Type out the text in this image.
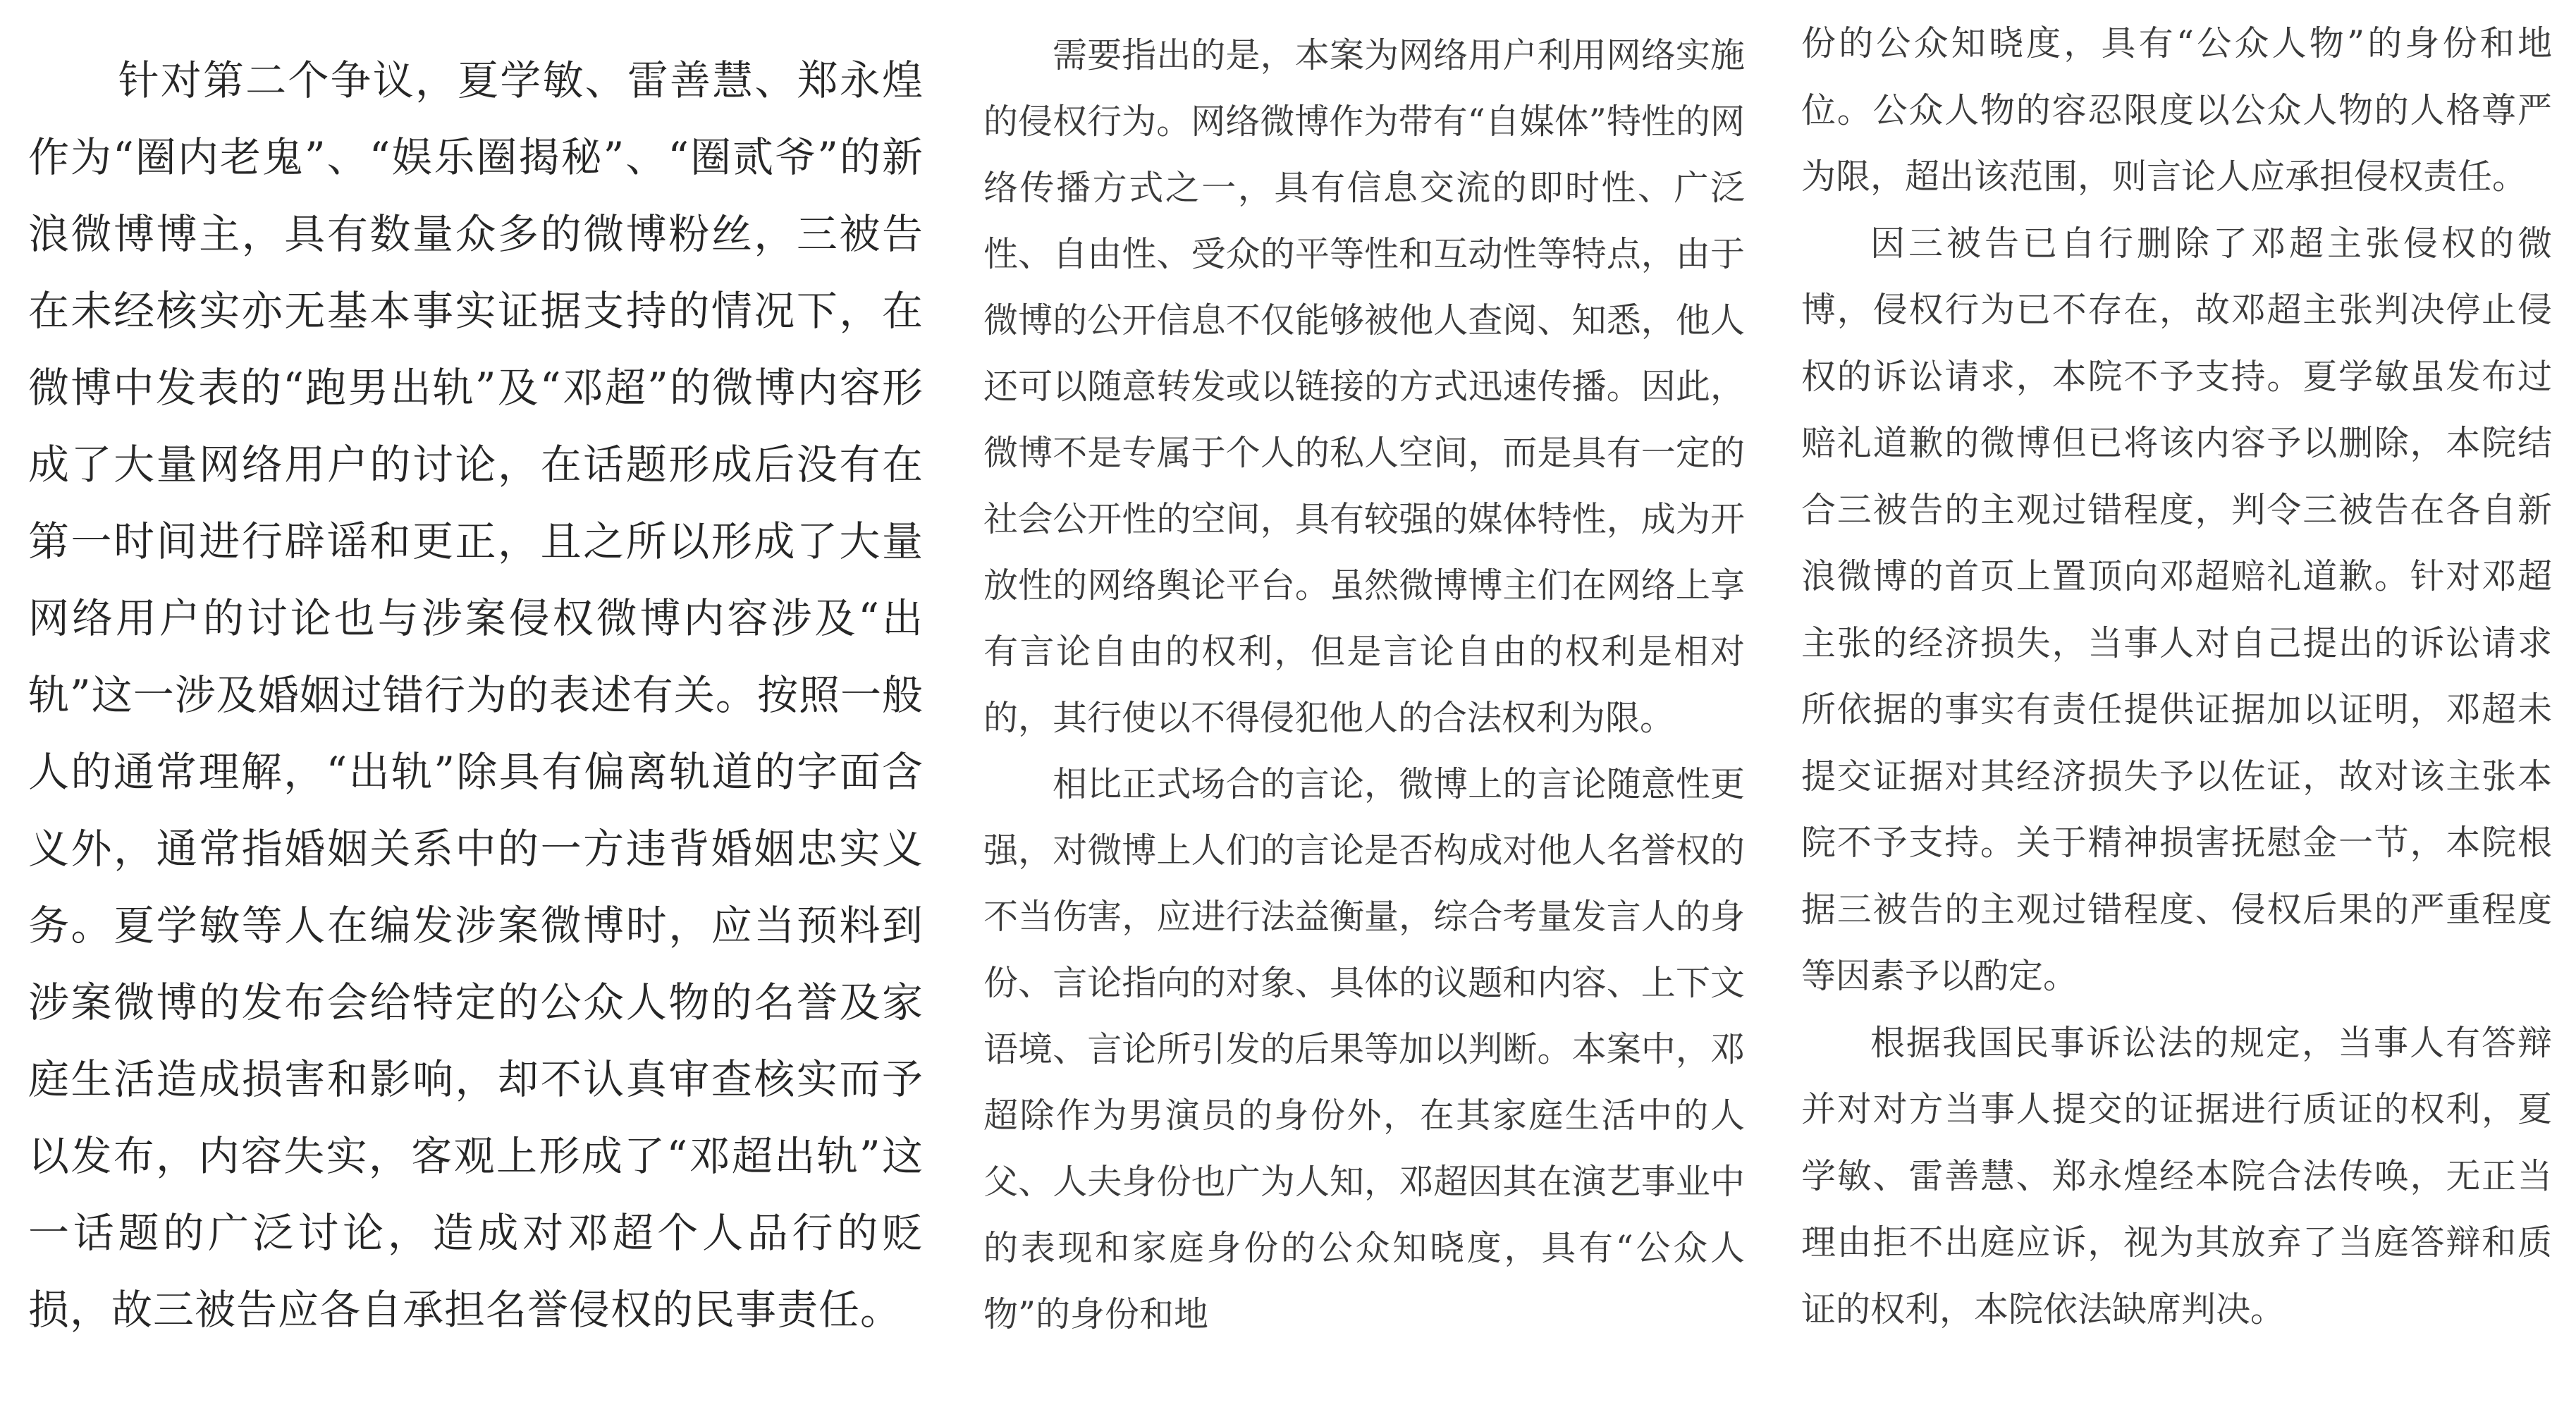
针对第二个争议，夏学敏、雷善慧、郑永煌作为“圈内老鬼”、“娱乐圈揭秘”、“圈贰爷”的新浪微博博主，具有数量众多的微博粉丝，三被告在未经核实亦无基本事实证据支持的情况下，在微博中发表的“跑男出轨”及“邓超”的微博内容形成了大量网络用户的讨论，在话题形成后没有在第一时间进行辟谣和更正，且之所以形成了大量网络用户的讨论也与涉案侵权微博内容涉及“出轨”这一涉及婚姻过错行为的表述有关。按照一般人的通常理解，“出轨”除具有偏离轨道的字面含义外，通常指婚姻关系中的一方违背婚姻忠实义务。夏学敏等人在编发涉案微博时，应当预料到涉案微博的发布会给特定的公众人物的名誉及家庭生活造成损害和影响，却不认真审查核实而予以发布，内容失实，客观上形成了“邓超出轨”这一话题的广泛讨论，造成对邓超个人品行的贬损，故三被告应各自承担名誉侵权的民事责任。

需要指出的是，本案为网络用户利用网络实施的侵权行为。网络微博作为带有“自媒体”特性的网络传播方式之一，具有信息交流的即时性、广泛性、自由性、受众的平等性和互动性等特点，由于微博的公开信息不仅能够被他人查阅、知悉，他人还可以随意转发或以链接的方式迅速传播。因此，微博不是专属于个人的私人空间，而是具有一定的社会公开性的空间，具有较强的媒体特性，成为开放性的网络舆论平台。虽然微博博主们在网络上享有言论自由的权利，但是言论自由的权利是相对的，其行使以不得侵犯他人的合法权利为限。

相比正式场合的言论，微博上的言论随意性更强，对微博上人们的言论是否构成对他人名誉权的不当伤害，应进行法益衡量，综合考量发言人的身份、言论指向的对象、具体的议题和内容、上下文语境、言论所引发的后果等加以判断。本案中，邓超除作为男演员的身份外，在其家庭生活中的人父、人夫身份也广为人知，邓超因其在演艺事业中的表现和家庭身份的公众知晓度，具有“公众人物”的身份和地

份的公众知晓度，具有“公众人物”的身份和地位。公众人物的容忍限度以公众人物的人格尊严为限，超出该范围，则言论人应承担侵权责任。

因三被告已自行删除了邓超主张侵权的微博，侵权行为已不存在，故邓超主张判决停止侵权的诉讼请求，本院不予支持。夏学敏虽发布过赔礼道歉的微博但已将该内容予以删除，本院结合三被告的主观过错程度，判令三被告在各自新浪微博的首页上置顶向邓超赔礼道歉。针对邓超主张的经济损失，当事人对自己提出的诉讼请求所依据的事实有责任提供证据加以证明，邓超未提交证据对其经济损失予以佐证，故对该主张本院不予支持。关于精神损害抚慰金一节，本院根据三被告的主观过错程度、侵权后果的严重程度等因素予以酌定。

根据我国民事诉讼法的规定，当事人有答辩并对对方当事人提交的证据进行质证的权利，夏学敏、雷善慧、郑永煌经本院合法传唤，无正当理由拒不出庭应诉，视为其放弃了当庭答辩和质证的权利，本院依法缺席判决。
